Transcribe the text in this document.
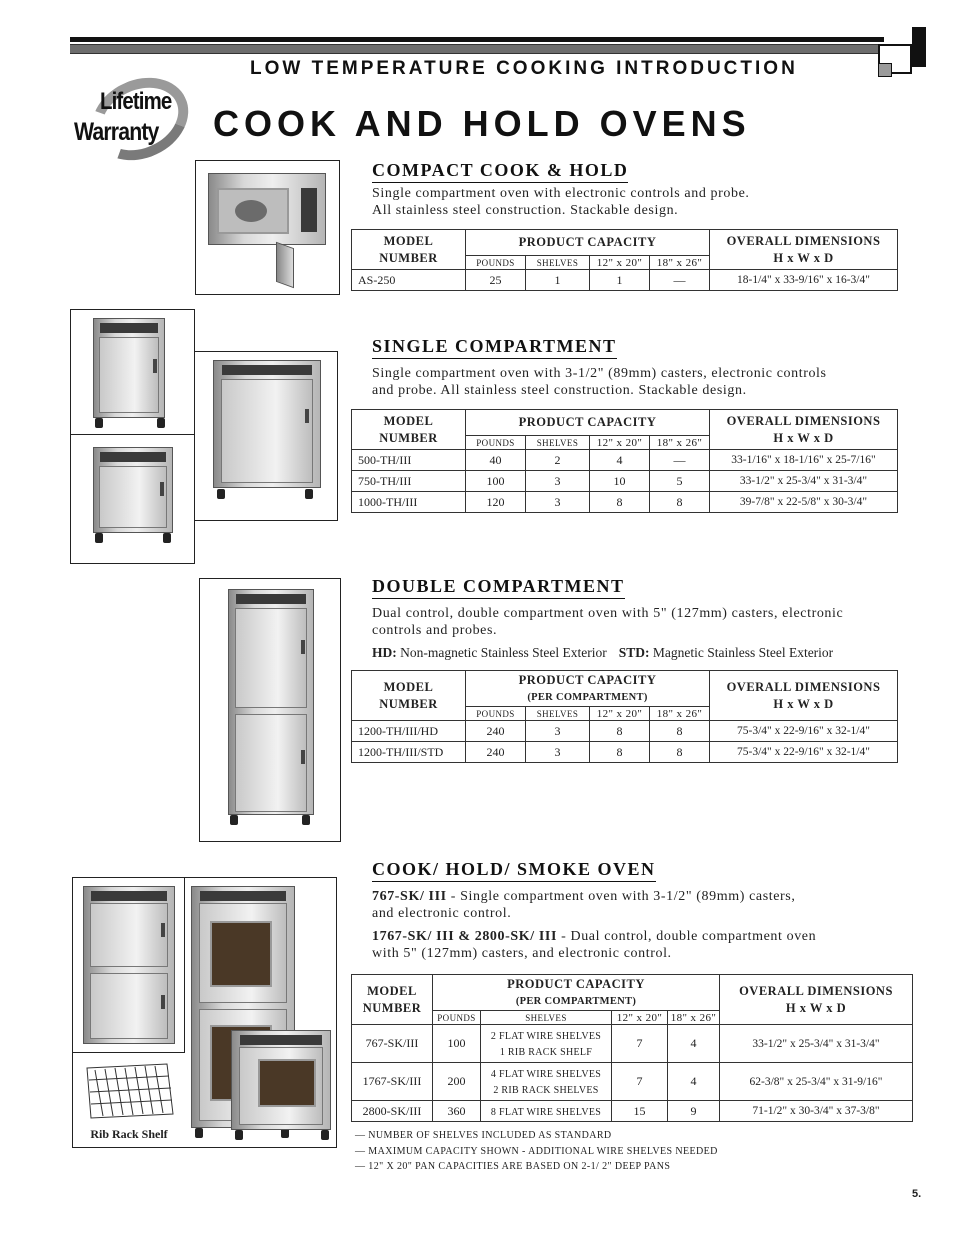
LOW TEMPERATURE COOKING INTRODUCTION
Lifetime
Warranty COOK AND HOLD OVENS
COMPACT COOK & HOLD
Single compartment oven with electronic controls and probe.
All stainless steel construction. Stackable design.
MODEL
NUMBER	PRODUCT CAPACITY				OVERALL DIMENSIONS
H x W x D
	POUNDS	SHELVES	12" x 20"	18" x 26"	
AS-250	25	1	1	—	18-1/4" x 33-9/16" x 16-3/4"
SINGLE COMPARTMENT
Single compartment oven with 3-1/2" (89mm) casters, electronic controls
and probe. All stainless steel construction. Stackable design.
MODEL
NUMBER	PRODUCT CAPACITY				OVERALL DIMENSIONS
H x W x D
	POUNDS	SHELVES	12" x 20"	18" x 26"	
500-TH/III	40	2	4	—	33-1/16" x 18-1/16" x 25-7/16"
750-TH/III	100	3	10	5	33-1/2" x 25-3/4" x 31-3/4"
1000-TH/III	120	3	8	8	39-7/8" x 22-5/8" x 30-3/4"
DOUBLE COMPARTMENT
Dual control, double compartment oven with 5" (127mm) casters, electronic
controls and probes.
HD: Non-magnetic Stainless Steel Exterior STD: Magnetic Stainless Steel Exterior
MODEL
NUMBER	PRODUCT CAPACITY
(PER COMPARTMENT)				OVERALL DIMENSIONS
H x W x D
	POUNDS	SHELVES	12" x 20"	18" x 26"	
1200-TH/III/HD	240	3	8	8	75-3/4" x 22-9/16" x 32-1/4"
1200-TH/III/STD	240	3	8	8	75-3/4" x 22-9/16" x 32-1/4"
Rib Rack Shelf
COOK/ HOLD/ SMOKE OVEN
767-SK/ III - Single compartment oven with 3-1/2" (89mm) casters,
and electronic control.
1767-SK/ III & 2800-SK/ III - Dual control, double compartment oven
with 5" (127mm) casters, and electronic control.
MODEL
NUMBER	PRODUCT CAPACITY
(PER COMPARTMENT)				OVERALL DIMENSIONS
H x W x D
	POUNDS	SHELVES	12" x 20"	18" x 26"	
767-SK/III	100	2 FLAT WIRE SHELVES
1 RIB RACK SHELF	7	4	33-1/2" x 25-3/4" x 31-3/4"
1767-SK/III	200	4 FLAT WIRE SHELVES
2 RIB RACK SHELVES	7	4	62-3/8" x 25-3/4" x 31-9/16"
2800-SK/III	360	8 FLAT WIRE SHELVES	15	9	71-1/2" x 30-3/4" x 37-3/8"
— NUMBER OF SHELVES INCLUDED AS STANDARD
— MAXIMUM CAPACITY SHOWN - ADDITIONAL WIRE SHELVES NEEDED
— 12" X 20" PAN CAPACITIES ARE BASED ON 2-1/ 2" DEEP PANS
5.
